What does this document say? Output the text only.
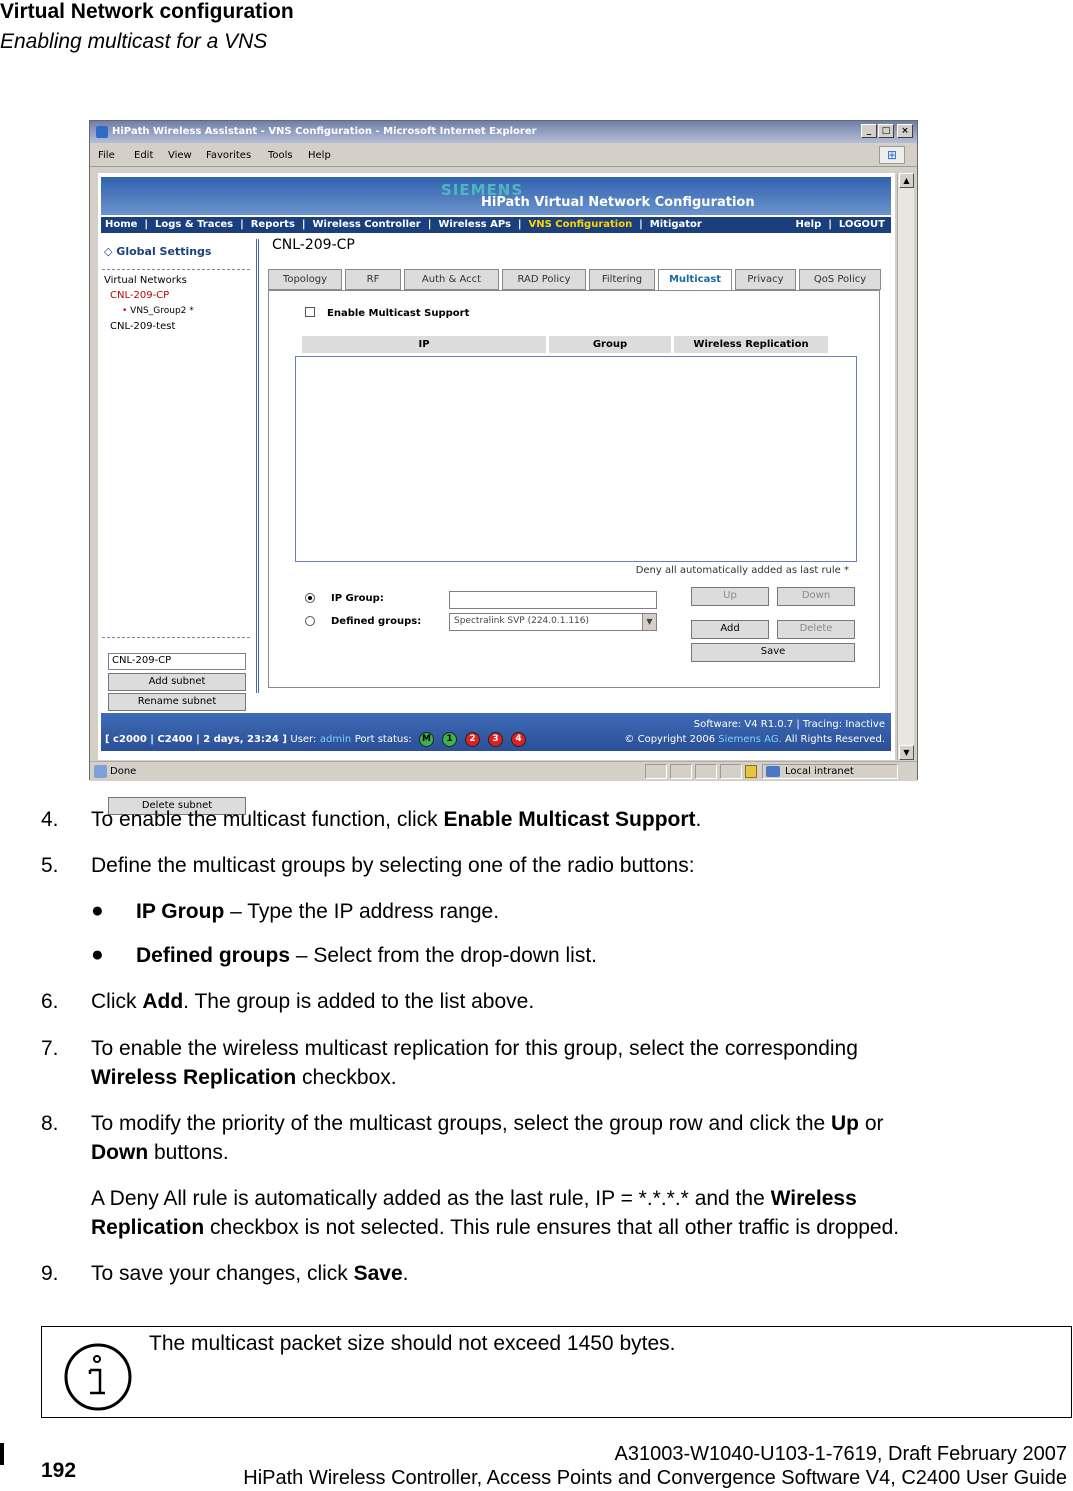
Virtual Network configuration
Enabling multicast for a VNS
HiPath Wireless Assistant - VNS Configuration - Microsoft Internet Explorer	_	□	×
File Edit View Favorites Tools Help	⊞
SIEMENS
HiPath Virtual Network Configuration
Home  |  Logs & Traces  |  Reports  |  Wireless Controller  |  Wireless APs  |  VNS Configuration  |  Mitigator	Help  |  LOGOUT
◇ Global Settings
Virtual Networks
CNL-209-CP
• VNS_Group2 *
CNL-209-test
CNL-209-CP
Add subnet
Rename subnet
Delete subnet
CNL-209-CP
Topology	RF	Auth & Acct	RAD Policy	Filtering	Multicast	Privacy	QoS Policy
Enable Multicast Support
IP	Group	Wireless Replication
Deny all automatically added as last rule *
IP Group:
Defined groups:	Spectralink SVP (224.0.1.116)	▼
Up	Down
Add	Delete
Save
[ c2000 | C2400 | 2 days, 23:24 ] User: admin Port status:	M	1	2	3	4
Software: V4 R1.0.7 | Tracing: Inactive
© Copyright 2006 Siemens AG. All Rights Reserved.
▲
▼
Done	Local intranet
4. To enable the multicast function, click Enable Multicast Support.
5. Define the multicast groups by selecting one of the radio buttons:
● IP Group – Type the IP address range.
● Defined groups – Select from the drop-down list.
6. Click Add. The group is added to the list above.
7. To enable the wireless multicast replication for this group, select the corresponding
Wireless Replication checkbox.
8. To modify the priority of the multicast groups, select the group row and click the Up or
Down buttons.
A Deny All rule is automatically added as the last rule, IP = *.*.*.* and the Wireless
Replication checkbox is not selected. This rule ensures that all other traffic is dropped.
9. To save your changes, click Save.
The multicast packet size should not exceed 1450 bytes.
192
A31003-W1040-U103-1-7619, Draft February 2007
HiPath Wireless Controller, Access Points and Convergence Software V4, C2400 User Guide
